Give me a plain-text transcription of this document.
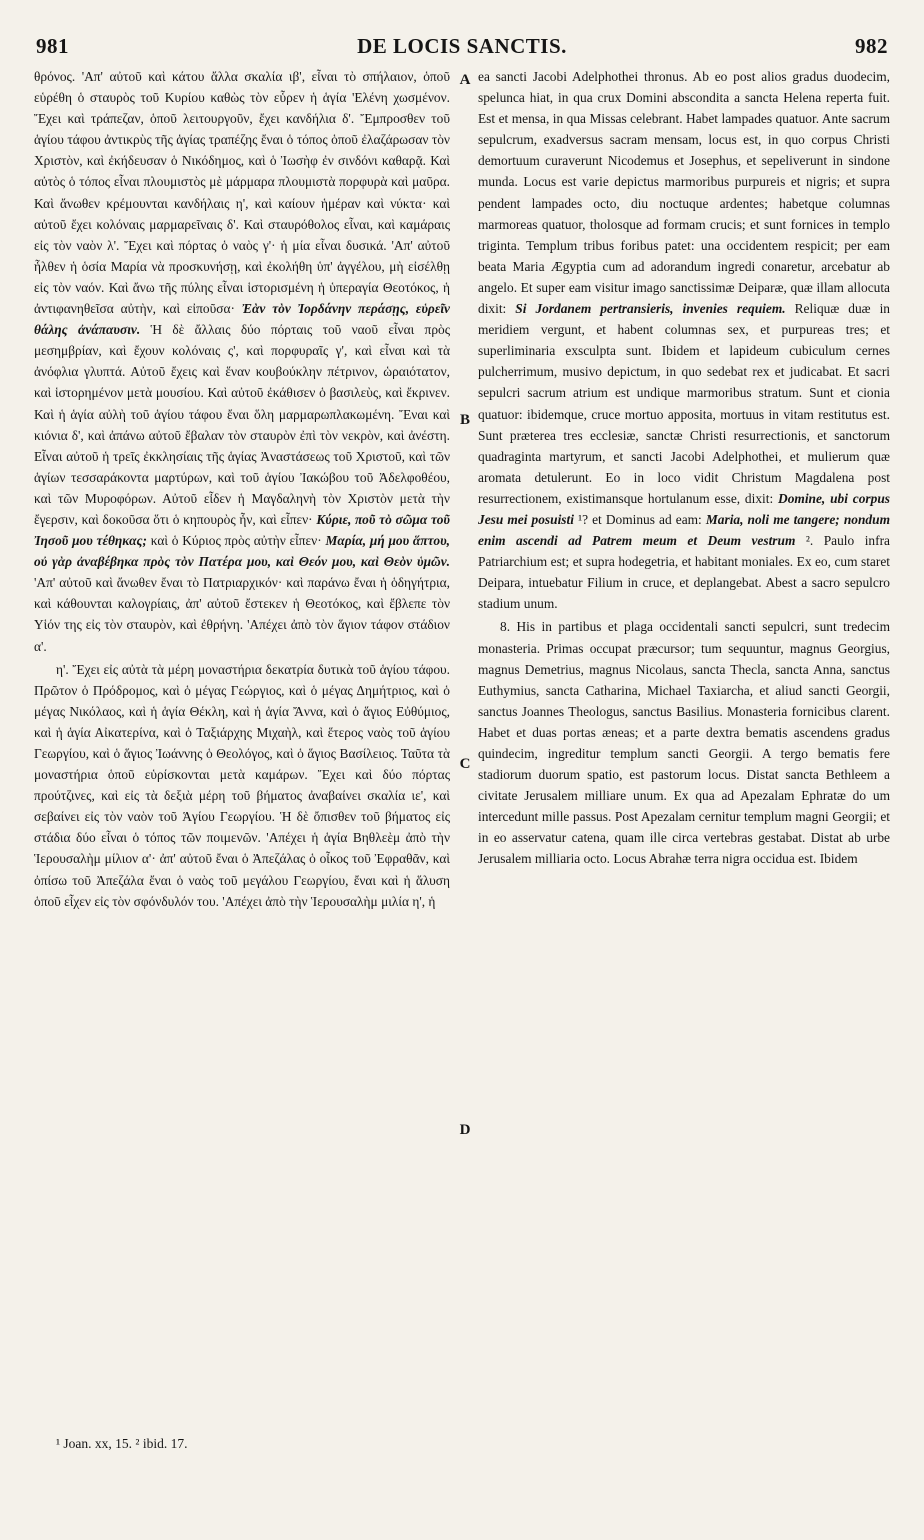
981	DE LOCIS SANCTIS.	982

θρόνος. 'Απ' αὐτοῦ καὶ κάτου ἄλλα σκαλία ιβ', εἶναι τὸ σπήλαιον, ὁποῦ εὑρέθη ὁ σταυρὸς τοῦ Κυρίου καθὼς τὸν εὗρεν ἡ ἁγία 'Ελένη χωσμένον. Ἔχει καὶ τράπεζαν, ὁποῦ λειτουργοῦν, ἔχει κανδήλια δ'. Ἔμπροσθεν τοῦ ἁγίου τάφου ἀντικρὺς τῆς ἁγίας τραπέζης ἔναι ὁ τόπος ὁποῦ ἐλαζάρωσαν τὸν Χριστὸν, καὶ ἐκήδευσαν ὁ Νικόδημος, καὶ ὁ Ἰωσὴφ ἐν σινδόνι καθαρᾷ. Καὶ αὐτὸς ὁ τόπος εἶναι πλουμιστὸς μὲ μάρμαρα πλουμιστὰ πορφυρὰ καὶ μαῦρα. Καὶ ἄνωθεν κρέμουνται κανδήλαις η', καὶ καίουν ἡμέραν καὶ νύκτα· καὶ αὐτοῦ ἔχει κολόναις μαρμαρεῖναις δ'. Καὶ σταυρόθολος εἶναι, καὶ καμάραις εἰς τὸν ναὸν λ'. Ἔχει καὶ πόρτας ὁ ναὸς γ'· ἡ μία εἶναι δυσικά. 'Απ' αὐτοῦ ἦλθεν ἡ ὁσία Μαρία νὰ προσκυνήσῃ, καὶ ἐκολήθη ὑπ' ἀγγέλου, μὴ εἰσέλθῃ εἰς τὸν ναόν. Καὶ ἄνω τῆς πύλης εἶναι ἱστορισμένη ἡ ὑπεραγία Θεοτόκος, ἡ ἀντιφανηθεῖσα αὐτὴν, καὶ εἰποῦσα· Ἐὰν τὸν Ἰορδάνην περάσῃς, εὑρεῖν θάλης ἀνάπαυσιν. Ἡ δὲ ἄλλαις δύο πόρταις τοῦ ναοῦ εἶναι πρὸς μεσημβρίαν, καὶ ἔχουν κολόναις ς', καὶ πορφυραῖς γ', καὶ εἶναι καὶ τὰ ἀνόφλια γλυπτά. Αὐτοῦ ἔχεις καὶ ἕναν κουβούκλην πέτρινον, ὡραιότατον, καὶ ἱστορημένον μετὰ μουσίου. Καὶ αὐτοῦ ἐκάθισεν ὁ βασιλεὺς, καὶ ἔκρινεν. Καὶ ἡ ἁγία αὐλὴ τοῦ ἁγίου τάφου ἔναι ὅλη μαρμαρωπλακωμένη. Ἔναι καὶ κιόνια δ', καὶ ἀπάνω αὐτοῦ ἔβαλαν τὸν σταυρὸν ἐπὶ τὸν νεκρὸν, καὶ ἀνέστη. Εἶναι αὐτοῦ ἡ τρεῖς ἐκκλησίαις τῆς ἁγίας Ἀναστάσεως τοῦ Χριστοῦ, καὶ τῶν ἁγίων τεσσαράκοντα μαρτύρων, καὶ τοῦ ἁγίου Ἰακώβου τοῦ Ἀδελφοθέου, καὶ τῶν Μυροφόρων. Αὐτοῦ εἶδεν ἡ Μαγδαληνὴ τὸν Χριστὸν μετὰ τὴν ἔγερσιν, καὶ δοκοῦσα ὅτι ὁ κηπουρὸς ἦν, καὶ εἶπεν· Κύριε, ποῦ τὸ σῶμα τοῦ Ἰησοῦ μου τέθηκας; καὶ ὁ Κύριος πρὸς αὐτὴν εἶπεν· Μαρία, μή μου ἅπτου, οὐ γὰρ ἀναβέβηκα πρὸς τὸν Πατέρα μου, καὶ Θεόν μου, καὶ Θεὸν ὑμῶν. 'Απ' αὐτοῦ καὶ ἄνωθεν ἔναι τὸ Πατριαρχικόν· καὶ παράνω ἔναι ἡ ὁδηγήτρια, καὶ κάθουνται καλογρίαις, ἀπ' αὐτοῦ ἔστεκεν ἡ Θεοτόκος, καὶ ἔβλεπε τὸν Υἱόν της εἰς τὸν σταυρὸν, καὶ ἐθρήνη. 'Απέχει ἀπὸ τὸν ἅγιον τάφον στάδιον α'.

η'. Ἔχει εἰς αὐτὰ τὰ μέρη μοναστήρια δεκατρία δυτικὰ τοῦ ἁγίου τάφου. Πρῶτον ὁ Πρόδρομος, καὶ ὁ μέγας Γεώργιος, καὶ ὁ μέγας Δημήτριος, καὶ ὁ μέγας Νικόλαος, καὶ ἡ ἁγία Θέκλη, καὶ ἡ ἁγία Ἄννα, καὶ ὁ ἅγιος Εὐθύμιος, καὶ ἡ ἁγία Αἰκατερίνα, καὶ ὁ Ταξιάρχης Μιχαὴλ, καὶ ἕτερος ναὸς τοῦ ἁγίου Γεωργίου, καὶ ὁ ἅγιος Ἰωάννης ὁ Θεολόγος, καὶ ὁ ἅγιος Βασίλειος. Ταῦτα τὰ μοναστήρια ὁποῦ εὑρίσκονται μετὰ καμάρων. Ἔχει καὶ δύο πόρτας προύτζινες, καὶ εἰς τὰ δεξιὰ μέρη τοῦ βήματος ἀναβαίνει σκαλία ιε', καὶ σεβαίνει εἰς τὸν ναὸν τοῦ Ἁγίου Γεωργίου. Ἡ δὲ ὄπισθεν τοῦ βήματος εἰς στάδια δύο εἶναι ὁ τόπος τῶν ποιμενῶν. 'Απέχει ἡ ἁγία Βηθλεὲμ ἀπὸ τὴν Ἱερουσαλὴμ μίλιον α'· ἀπ' αὐτοῦ ἔναι ὁ Ἀπεζάλας ὁ οἶκος τοῦ Ἐφραθᾶν, καὶ ὀπίσω τοῦ Ἀπεζάλα ἔναι ὁ ναὸς τοῦ μεγάλου Γεωργίου, ἔναι καὶ ἡ ἅλυση ὁποῦ εἶχεν εἰς τὸν σφόνδυλόν του. 'Απέχει ἀπὸ τὴν Ἱερουσαλὴμ μιλία η', ἡ

A
B
C
D

ea sancti Jacobi Adelphothei thronus. Ab eo post alios gradus duodecim, spelunca hiat, in qua crux Domini abscondita a sancta Helena reperta fuit. Est et mensa, in qua Missas celebrant. Habet lampades quatuor. Ante sacrum sepulcrum, exadversus sacram mensam, locus est, in quo corpus Christi demortuum curaverunt Nicodemus et Josephus, et sepeliverunt in sindone munda. Locus est varie depictus marmoribus purpureis et nigris; et supra pendent lampades octo, diu noctuque ardentes; habetque columnas marmoreas quatuor, tholosque ad formam crucis; et sunt fornices in templo triginta. Templum tribus foribus patet: una occidentem respicit; per eam beata Maria Ægyptia cum ad adorandum ingredi conaretur, arcebatur ab angelo. Et super eam visitur imago sanctissimæ Deiparæ, quæ illam allocuta dixit: Si Jordanem pertransieris, invenies requiem. Reliquæ duæ in meridiem vergunt, et habent columnas sex, et purpureas tres; et superliminaria exsculpta sunt. Ibidem et lapideum cubiculum cernes pulcherrimum, musivo depictum, in quo sedebat rex et judicabat. Et sacri sepulcri sacrum atrium est undique marmoribus stratum. Sunt et cionia quatuor: ibidemque, cruce mortuo apposita, mortuus in vitam restitutus est. Sunt præterea tres ecclesiæ, sanctæ Christi resurrectionis, et sanctorum quadraginta martyrum, et sancti Jacobi Adelphothei, et mulierum quæ aromata detulerunt. Eo in loco vidit Christum Magdalena post resurrectionem, existimansque hortulanum esse, dixit: Domine, ubi corpus Jesu mei posuisti ¹? et Dominus ad eam: Maria, noli me tangere; nondum enim ascendi ad Patrem meum et Deum vestrum ². Paulo infra Patriarchium est; et supra hodegetria, et habitant moniales. Ex eo, cum staret Deipara, intuebatur Filium in cruce, et deplangebat. Abest a sacro sepulcro stadium unum.

8. His in partibus et plaga occidentali sancti sepulcri, sunt tredecim monasteria. Primas occupat præcursor; tum sequuntur, magnus Georgius, magnus Demetrius, magnus Nicolaus, sancta Thecla, sancta Anna, sanctus Euthymius, sancta Catharina, Michael Taxiarcha, et aliud sancti Georgii, sanctus Joannes Theologus, sanctus Basilius. Monasteria fornicibus clarent. Habet et duas portas æneas; et a parte dextra bematis ascendens gradus quindecim, ingreditur templum sancti Georgii. A tergo bematis fere stadiorum duorum spatio, est pastorum locus. Distat sancta Bethleem a civitate Jerusalem milliare unum. Ex qua ad Apezalam Ephratæ do um intercedunt mille passus. Post Apezalam cernitur templum magni Georgii; et in eo asservatur catena, quam ille circa vertebras gestabat. Distat ab urbe Jerusalem milliaria octo. Locus Abrahæ terra nigra occidua est. Ibidem

¹ Joan. xx, 15. ² ibid. 17.
